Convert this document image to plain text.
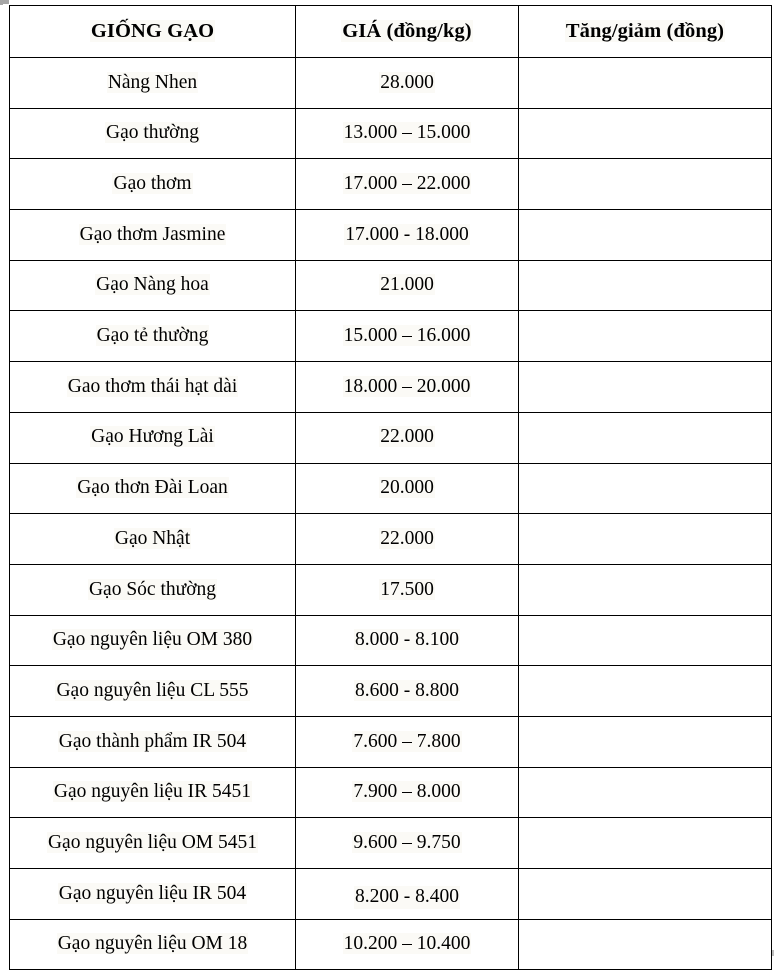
GIỐNG GẠO	GIÁ (đồng/kg)	Tăng/giảm (đồng)
Nàng Nhen	28.000	
Gạo thường	13.000 – 15.000	
Gạo thơm	17.000 – 22.000	
Gạo thơm Jasmine	17.000 - 18.000	
Gạo Nàng hoa	21.000	
Gạo tẻ thường	15.000 – 16.000	
Gao thơm thái hạt dài	18.000 – 20.000	
Gạo Hương Lài	22.000	
Gạo thơn Đài Loan	20.000	
Gạo Nhật	22.000	
Gạo Sóc thường	17.500	
Gạo nguyên liệu OM 380	8.000 - 8.100	
Gạo nguyên liệu CL 555	8.600 - 8.800	
Gạo thành phẩm IR 504	7.600 – 7.800	
Gạo nguyên liệu IR 5451	7.900 – 8.000	
Gạo nguyên liệu OM 5451	9.600 – 9.750	
Gạo nguyên liệu IR 504	8.200 - 8.400	
Gạo nguyên liệu OM 18	10.200 – 10.400	
